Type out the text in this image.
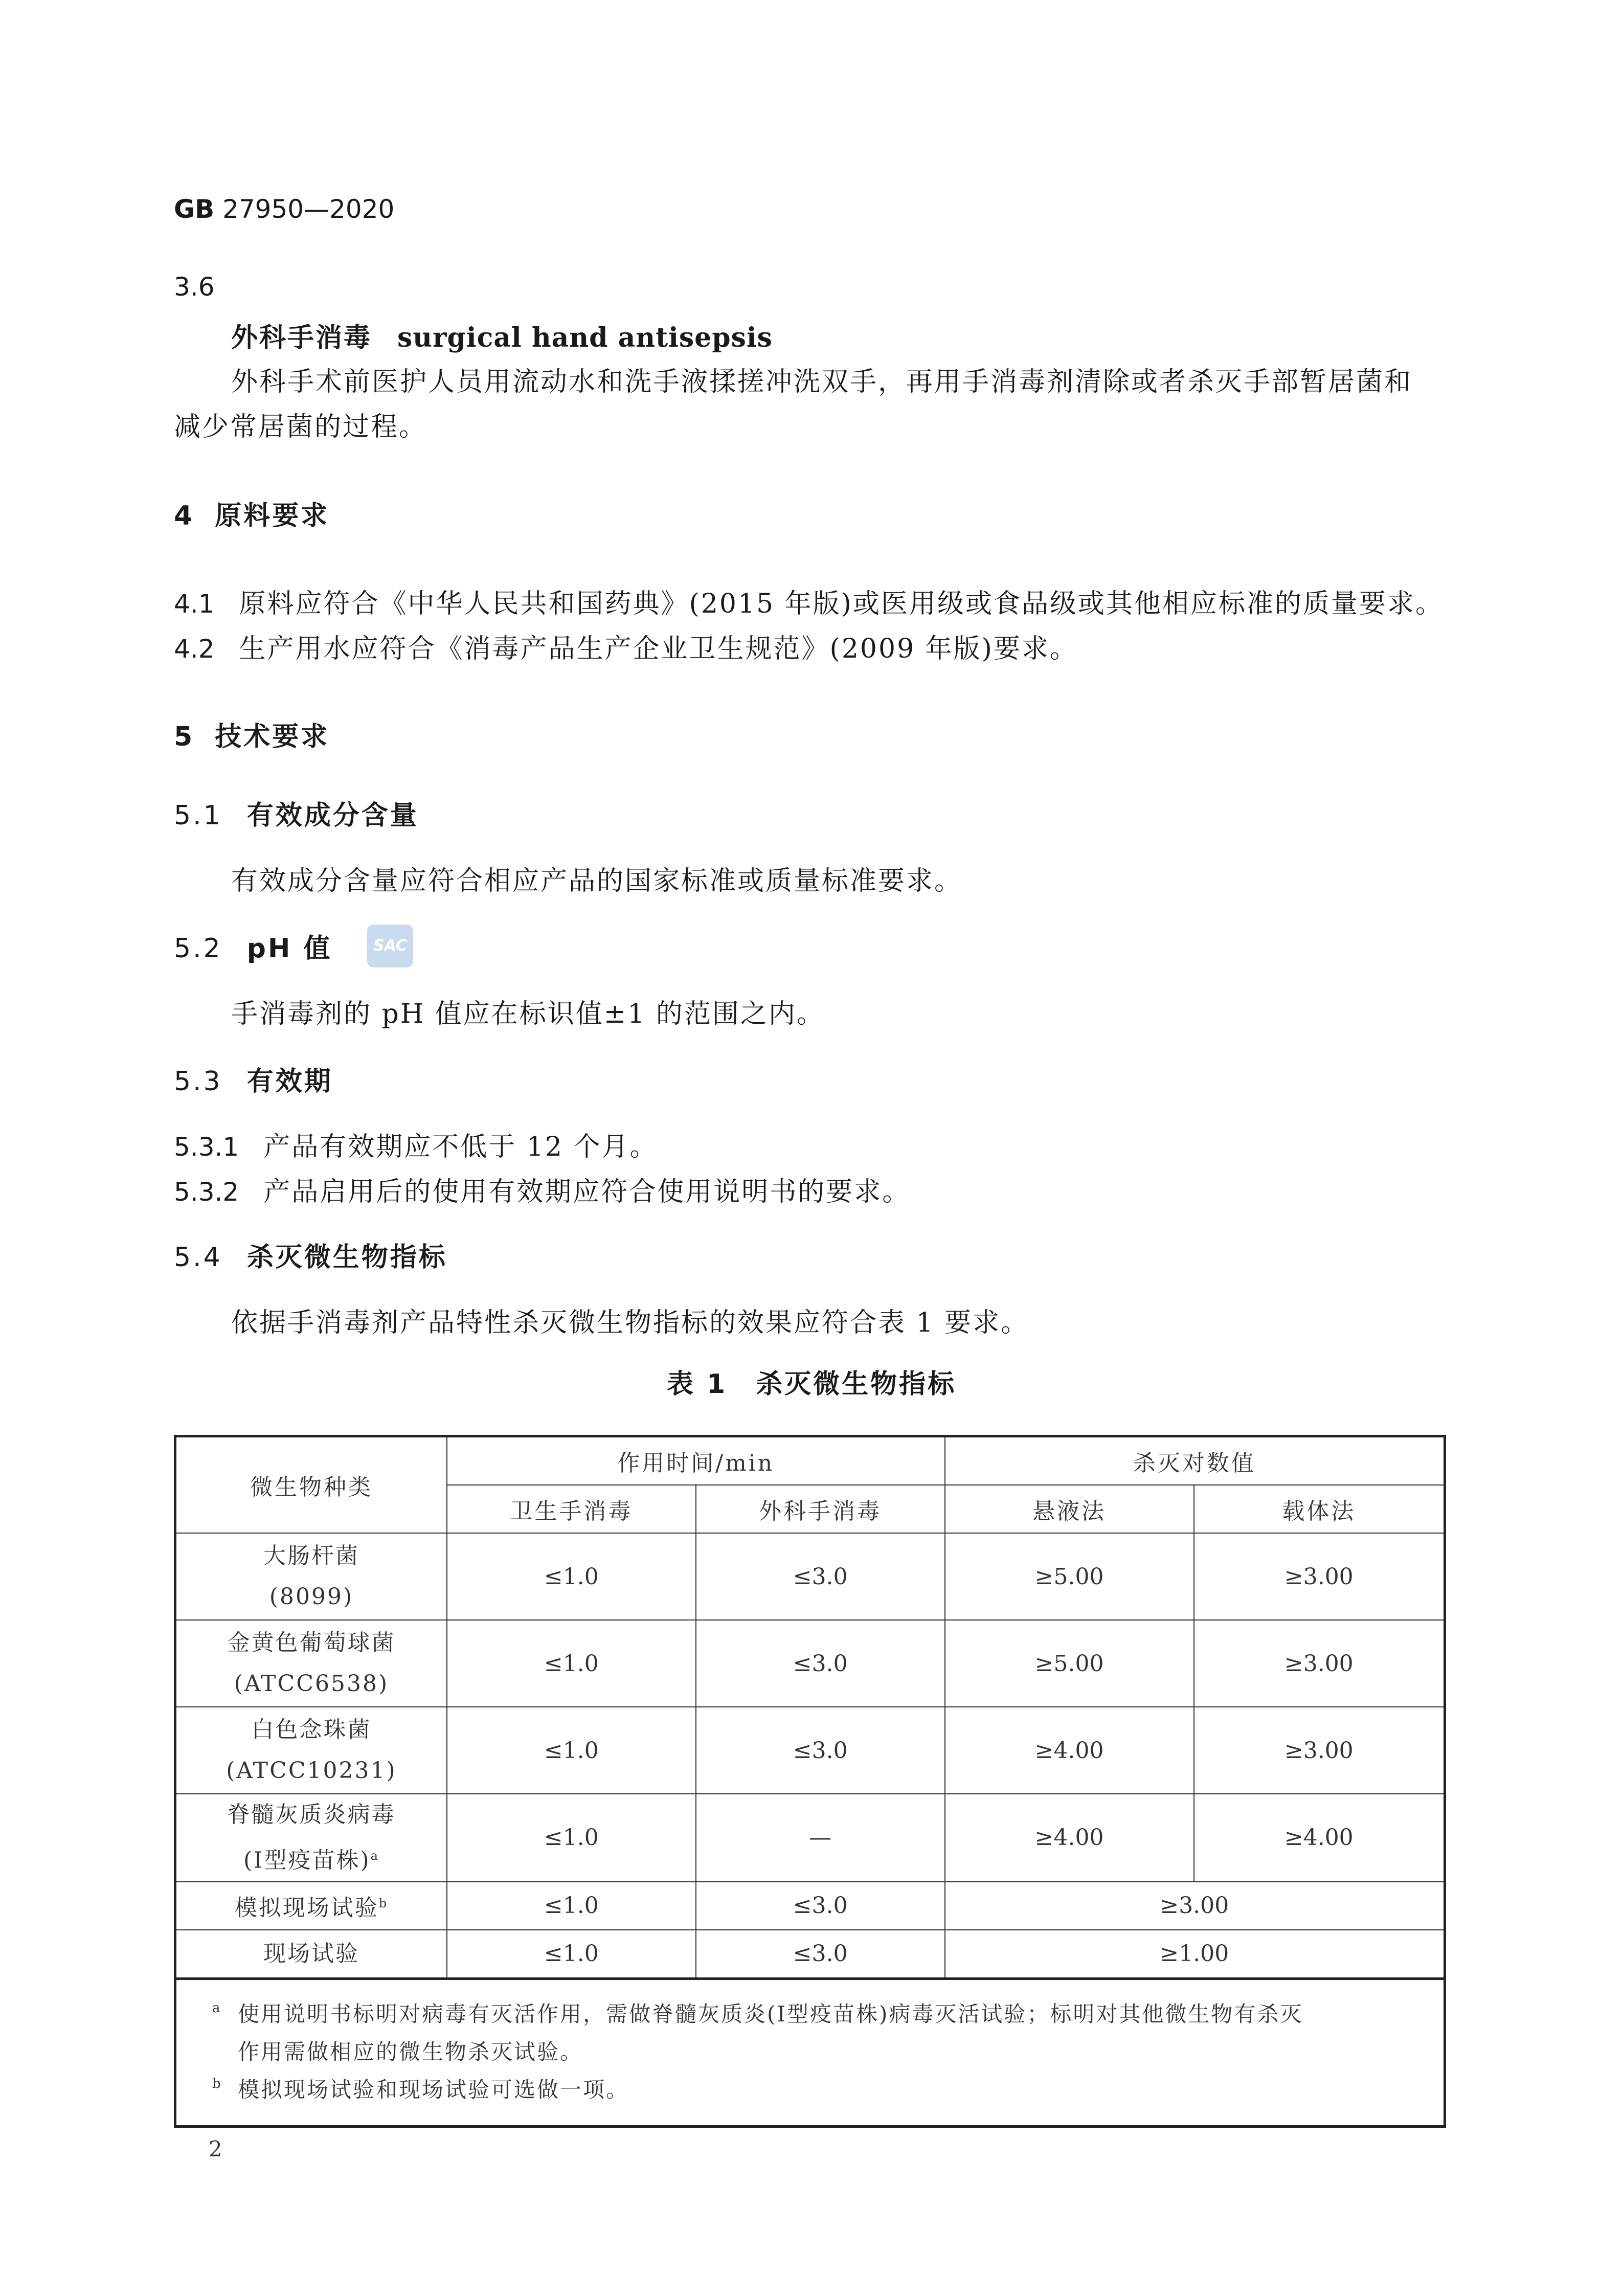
GB 27950—2020
3.6
外科手消毒 surgical hand antisepsis
外科手术前医护人员用流动水和洗手液揉搓冲洗双手，再用手消毒剂清除或者杀灭手部暂居菌和
减少常居菌的过程。
4 原料要求
4.1 原料应符合《中华人民共和国药典》(2015 年版)或医用级或食品级或其他相应标准的质量要求。
4.2 生产用水应符合《消毒产品生产企业卫生规范》(2009 年版)要求。
5 技术要求
5.1 有效成分含量
有效成分含量应符合相应产品的国家标准或质量标准要求。
5.2 pH 值	SAC
手消毒剂的 pH 值应在标识值±1 的范围之内。
5.3 有效期
5.3.1 产品有效期应不低于 12 个月。
5.3.2 产品启用后的使用有效期应符合使用说明书的要求。
5.4 杀灭微生物指标
依据手消毒剂产品特性杀灭微生物指标的效果应符合表 1 要求。
表 1　杀灭微生物指标
微生物种类	作用时间/min		杀灭对数值	
	卫生手消毒	外科手消毒	悬液法	载体法

大肠杆菌
(8099)	≤1.0	≤3.0	≥5.00	≥3.00

金黄色葡萄球菌
(ATCC6538)	≤1.0	≤3.0	≥5.00	≥3.00

白色念珠菌
(ATCC10231)	≤1.0	≤3.0	≥4.00	≥3.00

脊髓灰质炎病毒
(Ⅰ型疫苗株)$^a$	≤1.0	—	≥4.00	≥4.00
模拟现场试验$^b$	≤1.0	≤3.0	≥3.00	
现场试验	≤1.0	≤3.0	≥1.00	

a 使用说明书标明对病毒有灭活作用，需做脊髓灰质炎(Ⅰ型疫苗株)病毒灭活试验；标明对其他微生物有杀灭
作用需做相应的微生物杀灭试验。
b 模拟现场试验和现场试验可选做一项。				
2
